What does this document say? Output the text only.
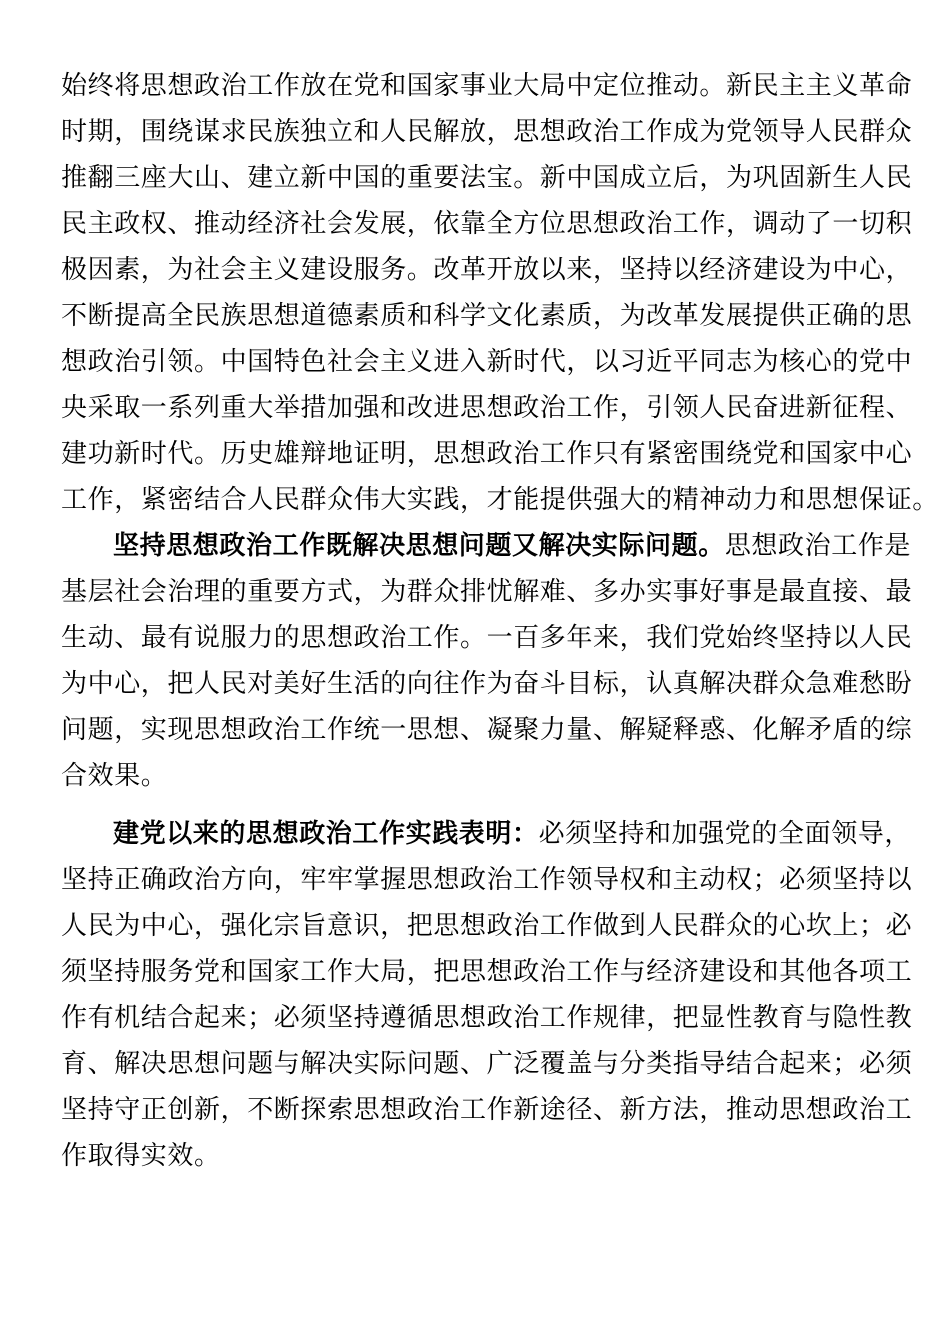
始终将思想政治工作放在党和国家事业大局中定位推动。新民主主义革命
时期，围绕谋求民族独立和人民解放，思想政治工作成为党领导人民群众
推翻三座大山、建立新中国的重要法宝。新中国成立后，为巩固新生人民
民主政权、推动经济社会发展，依靠全方位思想政治工作，调动了一切积
极因素，为社会主义建设服务。改革开放以来，坚持以经济建设为中心，
不断提高全民族思想道德素质和科学文化素质，为改革发展提供正确的思
想政治引领。中国特色社会主义进入新时代，以习近平同志为核心的党中
央采取一系列重大举措加强和改进思想政治工作，引领人民奋进新征程、
建功新时代。历史雄辩地证明，思想政治工作只有紧密围绕党和国家中心
工作，紧密结合人民群众伟大实践，才能提供强大的精神动力和思想保证。
坚持思想政治工作既解决思想问题又解决实际问题。思想政治工作是
基层社会治理的重要方式，为群众排忧解难、多办实事好事是最直接、最
生动、最有说服力的思想政治工作。一百多年来，我们党始终坚持以人民
为中心，把人民对美好生活的向往作为奋斗目标，认真解决群众急难愁盼
问题，实现思想政治工作统一思想、凝聚力量、解疑释惑、化解矛盾的综
合效果。
建党以来的思想政治工作实践表明：必须坚持和加强党的全面领导，
坚持正确政治方向，牢牢掌握思想政治工作领导权和主动权；必须坚持以
人民为中心，强化宗旨意识，把思想政治工作做到人民群众的心坎上；必
须坚持服务党和国家工作大局，把思想政治工作与经济建设和其他各项工
作有机结合起来；必须坚持遵循思想政治工作规律，把显性教育与隐性教
育、解决思想问题与解决实际问题、广泛覆盖与分类指导结合起来；必须
坚持守正创新，不断探索思想政治工作新途径、新方法，推动思想政治工
作取得实效。
